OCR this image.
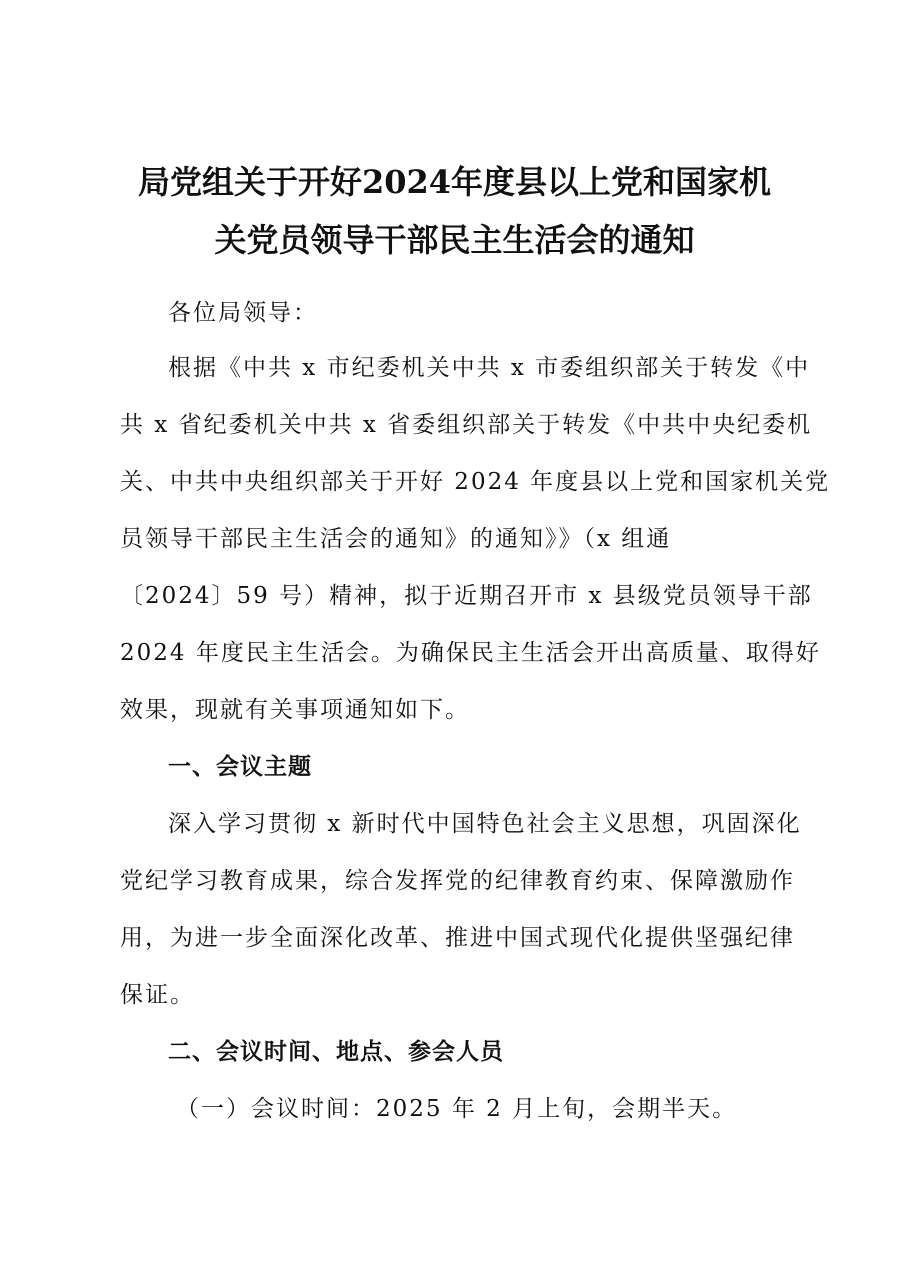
局党组关于开好2024年度县以上党和国家机
关党员领导干部民主生活会的通知

各位局领导：

根据《中共 x 市纪委机关中共 x 市委组织部关于转发《中

共 x 省纪委机关中共 x 省委组织部关于转发《中共中央纪委机

关、中共中央组织部关于开好 2024 年度县以上党和国家机关党

员领导干部民主生活会的通知》的通知》》（x 组通

〔2024〕59 号）精神，拟于近期召开市 x 县级党员领导干部

2024 年度民主生活会。为确保民主生活会开出高质量、取得好

效果，现就有关事项通知如下。

一、会议主题

深入学习贯彻 x 新时代中国特色社会主义思想，巩固深化

党纪学习教育成果，综合发挥党的纪律教育约束、保障激励作

用，为进一步全面深化改革、推进中国式现代化提供坚强纪律

保证。

二、会议时间、地点、参会人员

（一）会议时间：2025 年 2 月上旬，会期半天。
